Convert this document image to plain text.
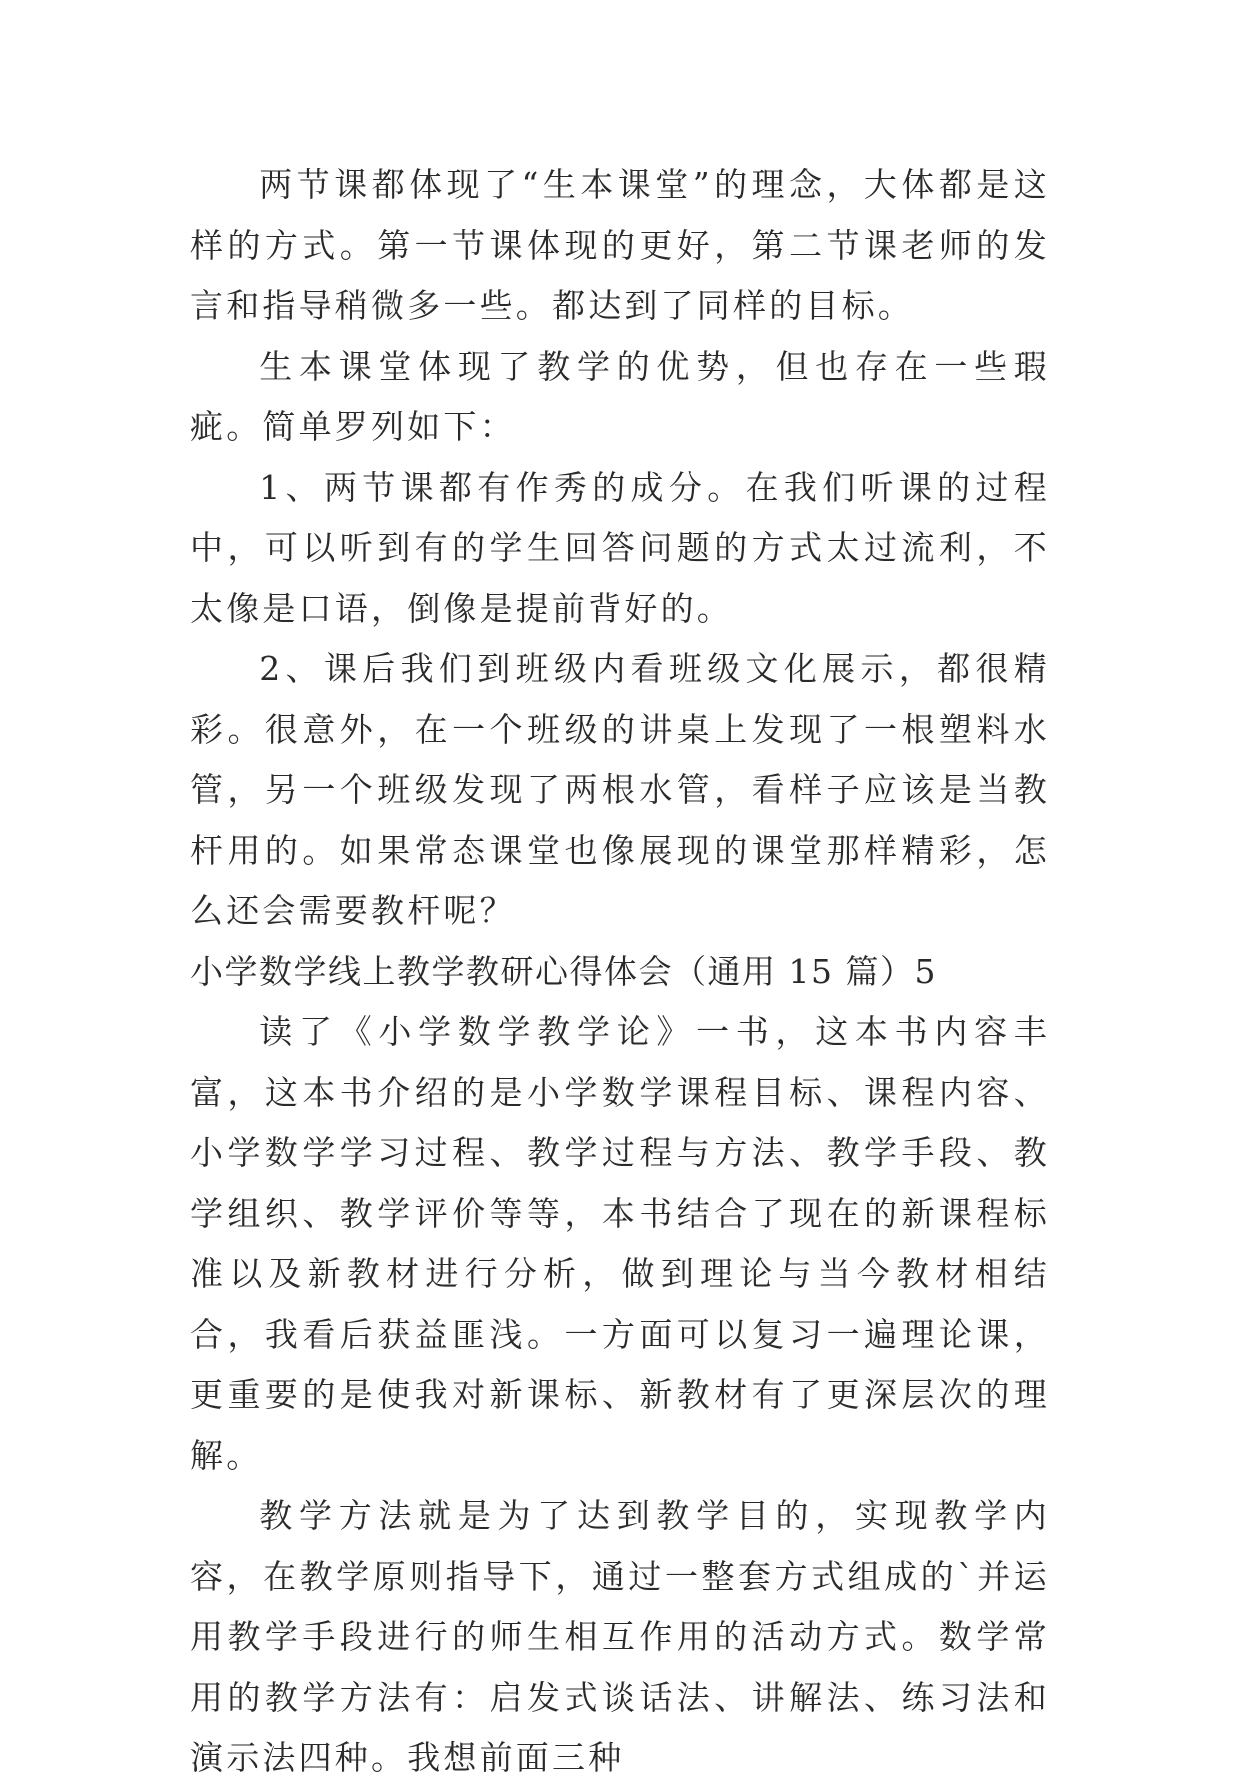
两节课都体现了“生本课堂”的理念，大体都是这样的方式。第一节课体现的更好，第二节课老师的发言和指导稍微多一些。都达到了同样的目标。

生本课堂体现了教学的优势，但也存在一些瑕疵。简单罗列如下：

1、两节课都有作秀的成分。在我们听课的过程中，可以听到有的学生回答问题的方式太过流利，不太像是口语，倒像是提前背好的。

2、课后我们到班级内看班级文化展示，都很精彩。很意外，在一个班级的讲桌上发现了一根塑料水管，另一个班级发现了两根水管，看样子应该是当教杆用的。如果常态课堂也像展现的课堂那样精彩，怎么还会需要教杆呢？

小学数学线上教学教研心得体会（通用 15 篇）5

读了《小学数学教学论》一书，这本书内容丰富，这本书介绍的是小学数学课程目标、课程内容、小学数学学习过程、教学过程与方法、教学手段、教学组织、教学评价等等，本书结合了现在的新课程标准以及新教材进行分析，做到理论与当今教材相结合，我看后获益匪浅。一方面可以复习一遍理论课，更重要的是使我对新课标、新教材有了更深层次的理解。

教学方法就是为了达到教学目的，实现教学内容，在教学原则指导下，通过一整套方式组成的`并运用教学手段进行的师生相互作用的活动方式。数学常用的教学方法有：启发式谈话法、讲解法、练习法和演示法四种。我想前面三种
